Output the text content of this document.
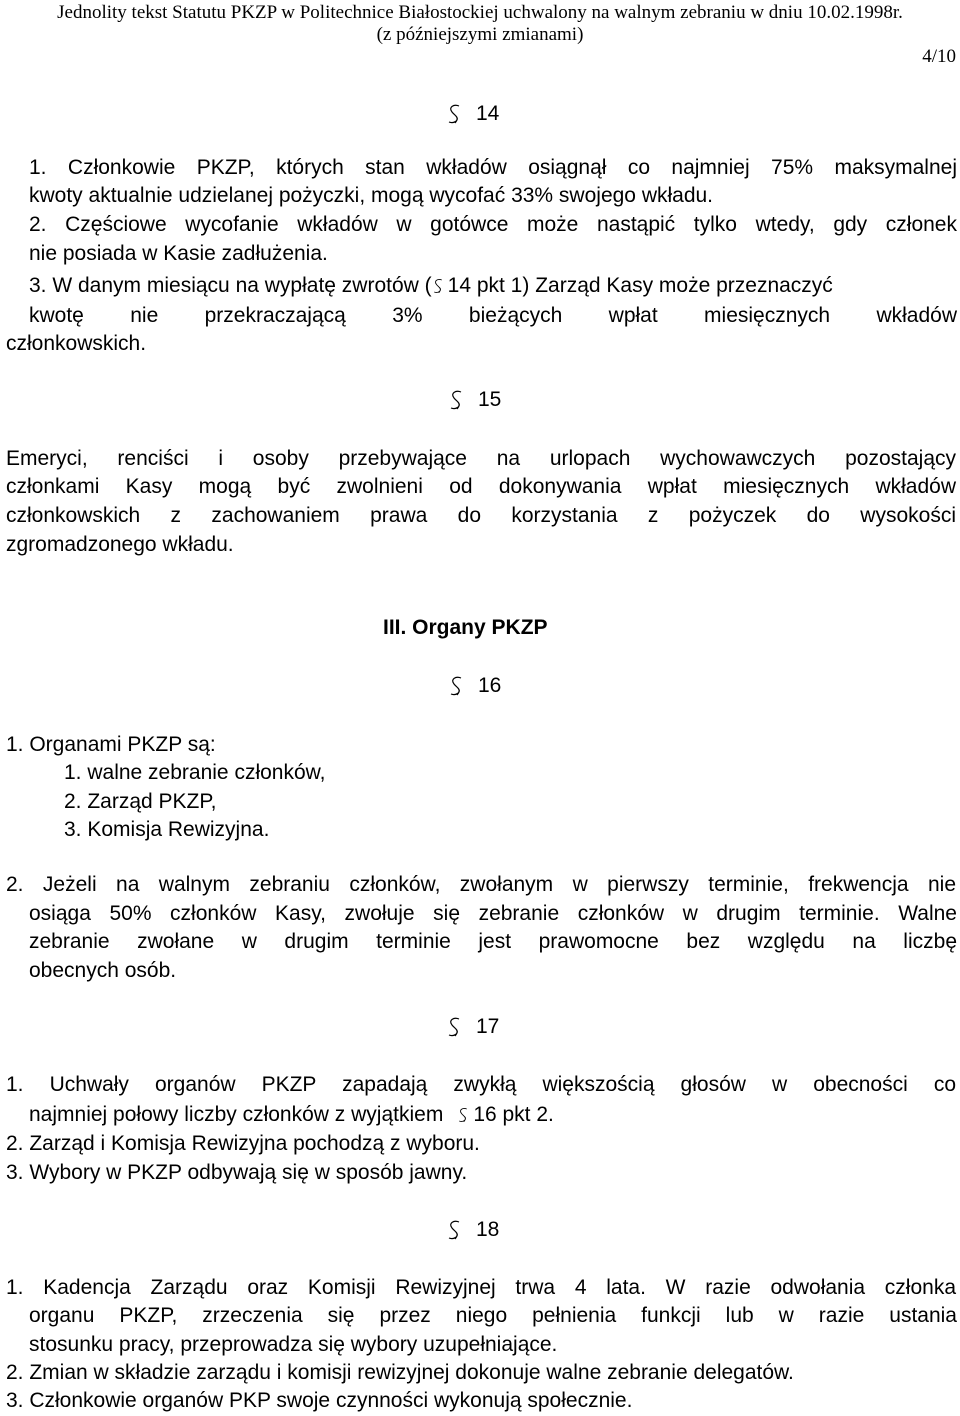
Jednolity tekst Statutu PKZP w Politechnice Białostockiej uchwalony na walnym zebraniu w dniu 10.02.1998r.
(z późniejszymi zmianami)
4/10
14
1. Członkowie PKZP, których stan wkładów osiągnął co najmniej 75% maksymalnej
kwoty aktualnie udzielanej pożyczki, mogą wycofać 33% swojego wkładu.
2. Częściowe wycofanie wkładów w gotówce może nastąpić tylko wtedy, gdy członek
nie posiada w Kasie zadłużenia.
3. W danym miesiącu na wypłatę zwrotów ( 14 pkt 1) Zarząd Kasy może przeznaczyć
kwotę nie przekraczającą 3% bieżących wpłat miesięcznych wkładów
członkowskich.
15
Emeryci, renciści i osoby przebywające na urlopach wychowawczych pozostający
członkami Kasy mogą być zwolnieni od dokonywania wpłat miesięcznych wkładów
członkowskich z zachowaniem prawa do korzystania z pożyczek do wysokości
zgromadzonego wkładu.
III. Organy PKZP
16
1. Organami PKZP są:
1. walne zebranie członków,
2. Zarząd PKZP,
3. Komisja Rewizyjna.
2. Jeżeli na walnym zebraniu członków, zwołanym w pierwszy terminie, frekwencja nie
osiąga 50% członków Kasy, zwołuje się zebranie członków w drugim terminie. Walne
zebranie zwołane w drugim terminie jest prawomocne bez względu na liczbę
obecnych osób.
17
1. Uchwały organów PKZP zapadają zwykłą większością głosów w obecności co
najmniej połowy liczby członków z wyjątkiem 16 pkt 2.
2. Zarząd i Komisja Rewizyjna pochodzą z wyboru.
3. Wybory w PKZP odbywają się w sposób jawny.
18
1. Kadencja Zarządu oraz Komisji Rewizyjnej trwa 4 lata. W razie odwołania członka
organu PKZP, zrzeczenia się przez niego pełnienia funkcji lub w razie ustania
stosunku pracy, przeprowadza się wybory uzupełniające.
2. Zmian w składzie zarządu i komisji rewizyjnej dokonuje walne zebranie delegatów.
3. Członkowie organów PKP swoje czynności wykonują społecznie.
